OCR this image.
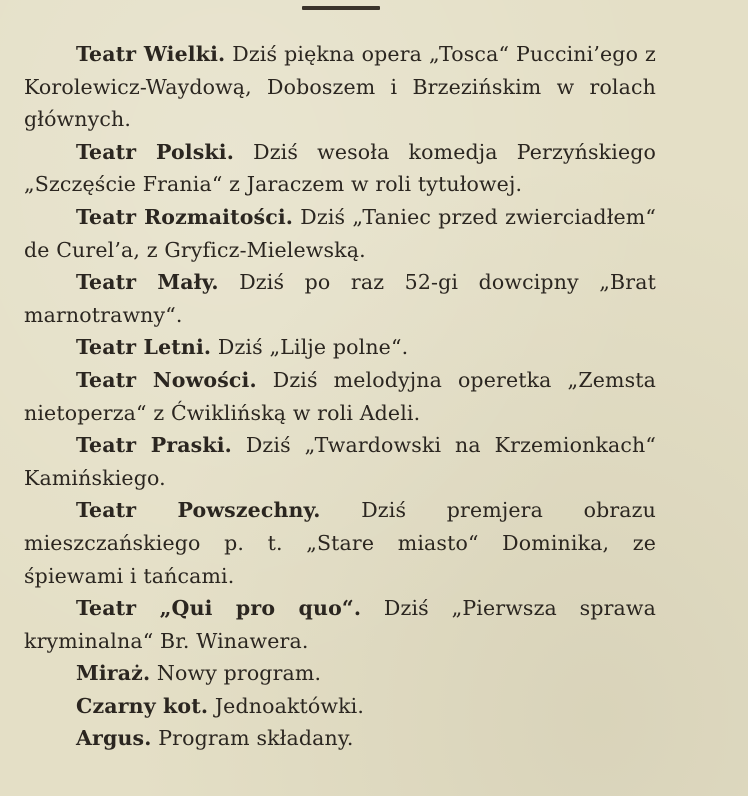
Teatr Wielki. Dziś piękna opera „Tosca“ Puccini’ego z Korolewicz-Waydową, Doboszem i Brzezińskim w rolach głównych.

Teatr Polski. Dziś wesoła komedja Perzyńskiego „Szczęście Frania“ z Jaraczem w roli tytułowej.

Teatr Rozmaitości. Dziś „Taniec przed zwierciadłem“ de Curel’a, z Gryficz-Mielewską.

Teatr Mały. Dziś po raz 52-gi dowcipny „Brat marnotrawny“.

Teatr Letni. Dziś „Lilje polne“.

Teatr Nowości. Dziś melodyjna operetka „Zemsta nietoperza“ z Ćwiklińską w roli Adeli.

Teatr Praski. Dziś „Twardowski na Krzemionkach“ Kamińskiego.

Teatr Powszechny. Dziś premjera obrazu mieszczańskiego p. t. „Stare miasto“ Dominika, ze śpiewami i tańcami.

Teatr „Qui pro quo“. Dziś „Pierwsza sprawa kryminalna“ Br. Winawera.

Miraż. Nowy program.

Czarny kot. Jednoaktówki.

Argus. Program składany.
